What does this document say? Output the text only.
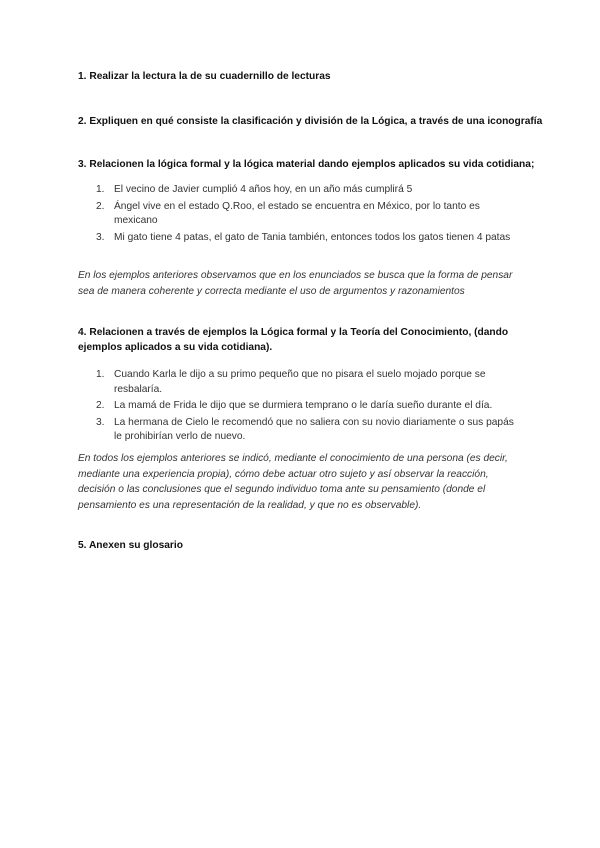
1. Realizar la lectura la de su cuadernillo de lecturas
2. Expliquen en qué consiste la clasificación y división de la Lógica, a través de una iconografía
3. Relacionen la lógica formal y la lógica material dando ejemplos aplicados su vida cotidiana;
1. El vecino de Javier cumplió 4 años hoy, en un año más cumplirá 5
2. Ángel vive en el estado Q.Roo, el estado se encuentra en México, por lo tanto es mexicano
3. Mi gato tiene 4 patas, el gato de Tania también, entonces todos los gatos tienen 4 patas
En los ejemplos anteriores observamos que en los enunciados se busca que la forma de pensar sea de manera coherente y correcta mediante el uso de argumentos y razonamientos
4. Relacionen a través de ejemplos la Lógica formal y la Teoría del Conocimiento, (dando ejemplos aplicados a su vida cotidiana).
1. Cuando Karla le dijo a su primo pequeño que no pisara el suelo mojado porque se resbalaría.
2. La mamá de Frida le dijo que se durmiera temprano o le daría sueño durante el día.
3. La hermana de Cielo le recomendó que no saliera con su novio diariamente o sus papás le prohibirían verlo de nuevo.
En todos los ejemplos anteriores se indicó, mediante el conocimiento de una persona (es decir, mediante una experiencia propia), cómo debe actuar otro sujeto y así observar la reacción, decisión o las conclusiones que el segundo individuo toma ante su pensamiento (donde el pensamiento es una representación de la realidad, y que no es observable).
5. Anexen su glosario
